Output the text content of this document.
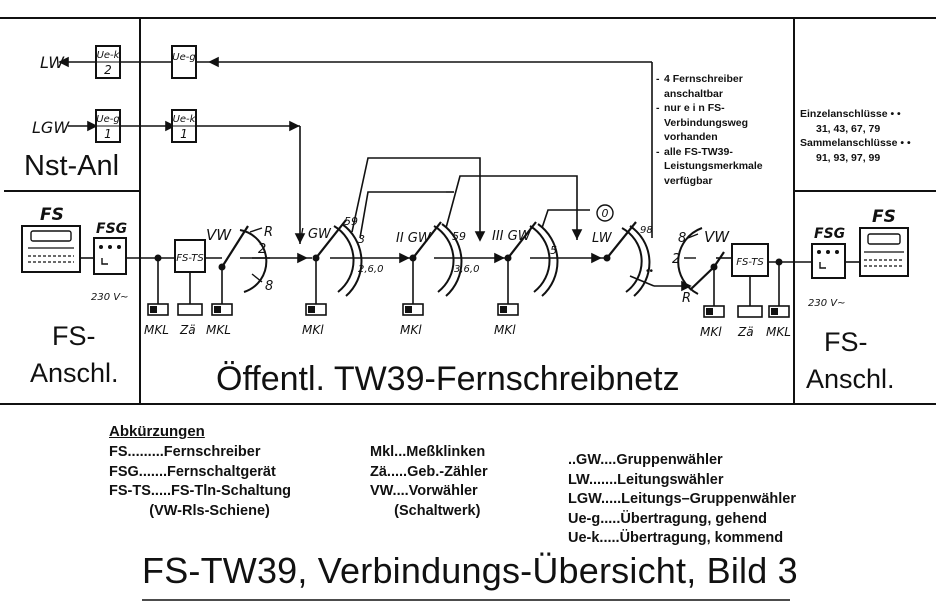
Ue-k
2
Ue-g
Ue-g
1
Ue-k
1
LW
LGW
Nst-Anl
FS
FSG
230 V~
FS-TS
VW	R
2
8
I GW
59
3
2,6,0
II GW 59
3,6,0
III GW
5
0
LW
98
••
VW
R
8
2	FS-TS
FSG
230 V~
FS
MKL Zä MKL	MKl	MKl	MKl	MKl Zä MKL
FS-
Anschl.
FS-
Anschl.
Öffentl. TW39-Fernschreibnetz
- 4 Fernschreiber
anschaltbar
- nur e i n FS-
Verbindungsweg
vorhanden
- alle FS-TW39-
Leistungsmerkmale
verfügbar
Einzelanschlüsse • •
31, 43, 67, 79
Sammelanschlüsse • •
91, 93, 97, 99
Abkürzungen
FS.........Fernschreiber
FSG.......Fernschaltgerät
FS-TS.....FS-Tln-Schaltung
(VW-Rls-Schiene)
Mkl...Meßklinken
Zä.....Geb.-Zähler
VW....Vorwähler
(Schaltwerk)
..GW....Gruppenwähler
LW.......Leitungswähler
LGW.....Leitungs–Gruppenwähler
Ue-g.....Übertragung, gehend
Ue-k.....Übertragung, kommend
FS-TW39, Verbindungs-Übersicht, Bild 3
